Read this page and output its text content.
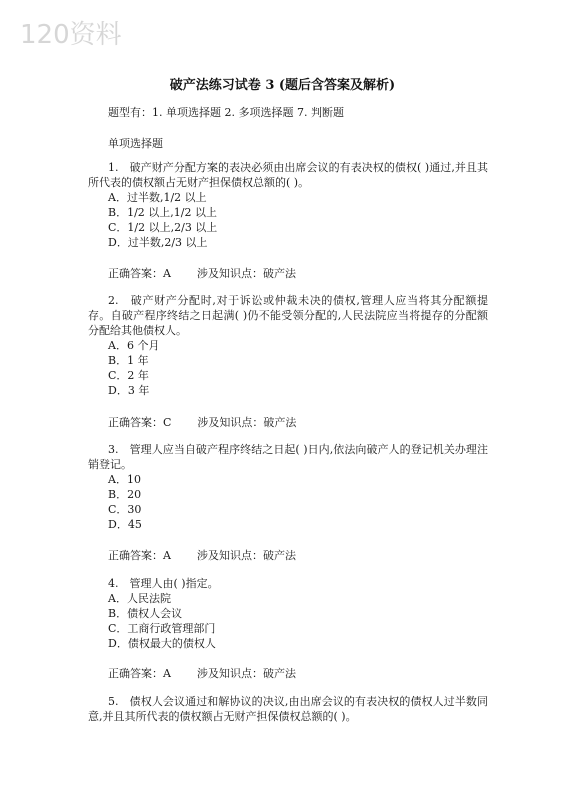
120资料
破产法练习试卷 3 (题后含答案及解析)
题型有：1. 单项选择题 2. 多项选择题 7. 判断题
单项选择题
1.　破产财产分配方案的表决必须由出席会议的有表决权的债权( )通过,并且其所代表的债权额占无财产担保债权总额的( )。
A．过半数,1/2 以上
B．1/2 以上,1/2 以上
C．1/2 以上,2/3 以上
D．过半数,2/3 以上
正确答案：A 涉及知识点：破产法
2.　破产财产分配时,对于诉讼或仲裁未决的债权,管理人应当将其分配额提存。自破产程序终结之日起满( )仍不能受领分配的,人民法院应当将提存的分配额分配给其他债权人。
A．6 个月
B．1 年
C．2 年
D．3 年
正确答案：C 涉及知识点：破产法
3.　管理人应当自破产程序终结之日起( )日内,依法向破产人的登记机关办理注销登记。
A．10
B．20
C．30
D．45
正确答案：A 涉及知识点：破产法
4.　管理人由( )指定。
A．人民法院
B．债权人会议
C．工商行政管理部门
D．债权最大的债权人
正确答案：A 涉及知识点：破产法
5.　债权人会议通过和解协议的决议,由出席会议的有表决权的债权人过半数同意,并且其所代表的债权额占无财产担保债权总额的( )。
